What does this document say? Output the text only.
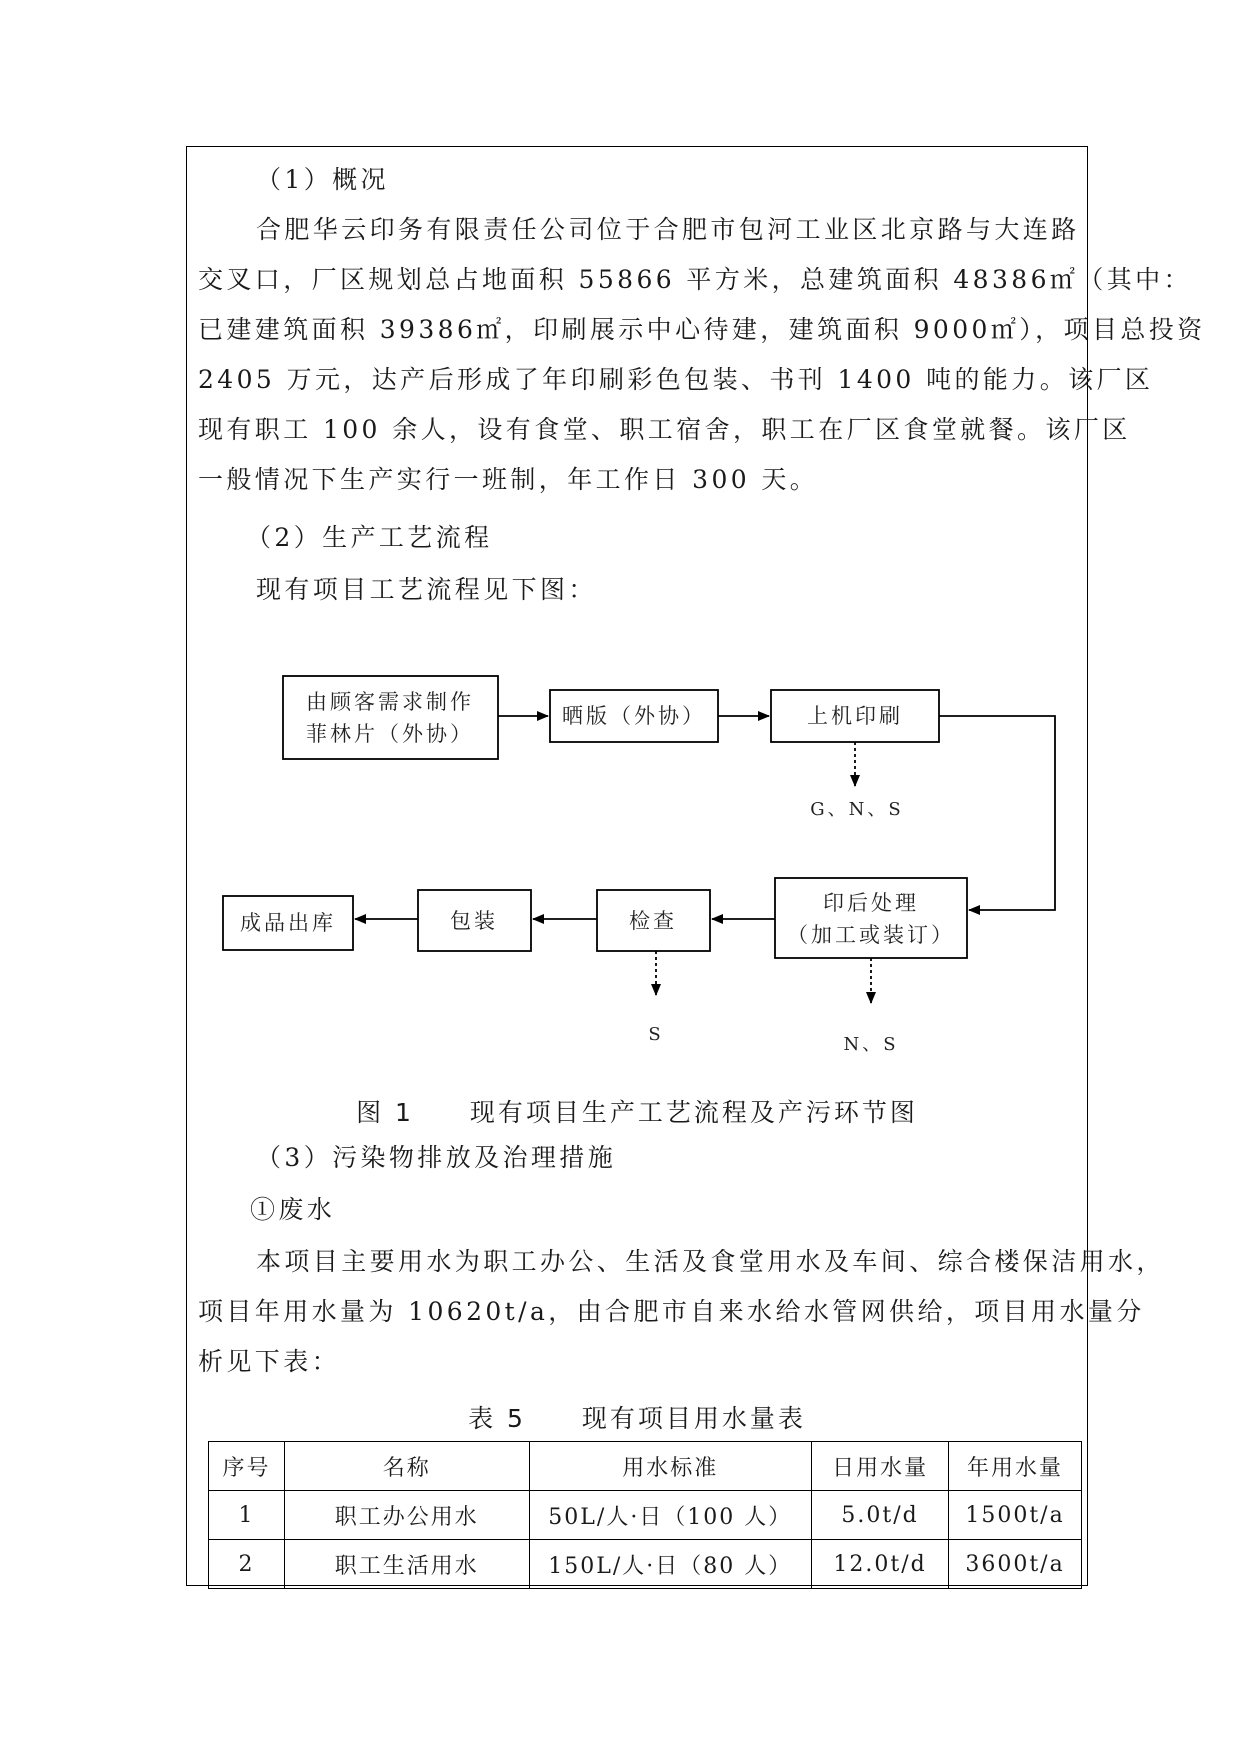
（1）概况
合肥华云印务有限责任公司位于合肥市包河工业区北京路与大连路
交叉口，厂区规划总占地面积 55866 平方米，总建筑面积 48386㎡（其中：
已建建筑面积 39386㎡，印刷展示中心待建，建筑面积 9000㎡），项目总投资
2405 万元，达产后形成了年印刷彩色包装、书刊 1400 吨的能力。该厂区
现有职工 100 余人，设有食堂、职工宿舍，职工在厂区食堂就餐。该厂区
一般情况下生产实行一班制，年工作日 300 天。
（2）生产工艺流程
现有项目工艺流程见下图：
由顾客需求制作
菲林片（外协）
晒版（外协）	上机印刷
印后处理
（加工或装订）
检查
包装
成品出库
G、N、S
S	N、S
图 1　　现有项目生产工艺流程及产污环节图
（3）污染物排放及治理措施
①废水
本项目主要用水为职工办公、生活及食堂用水及车间、综合楼保洁用水，
项目年用水量为 10620t/a，由合肥市自来水给水管网供给，项目用水量分
析见下表：
表 5　　现有项目用水量表
序号	名称	用水标准	日用水量	年用水量
1	职工办公用水	50L/人·日（100 人）	5.0t/d	1500t/a
2	职工生活用水	150L/人·日（80 人）	12.0t/d	3600t/a
